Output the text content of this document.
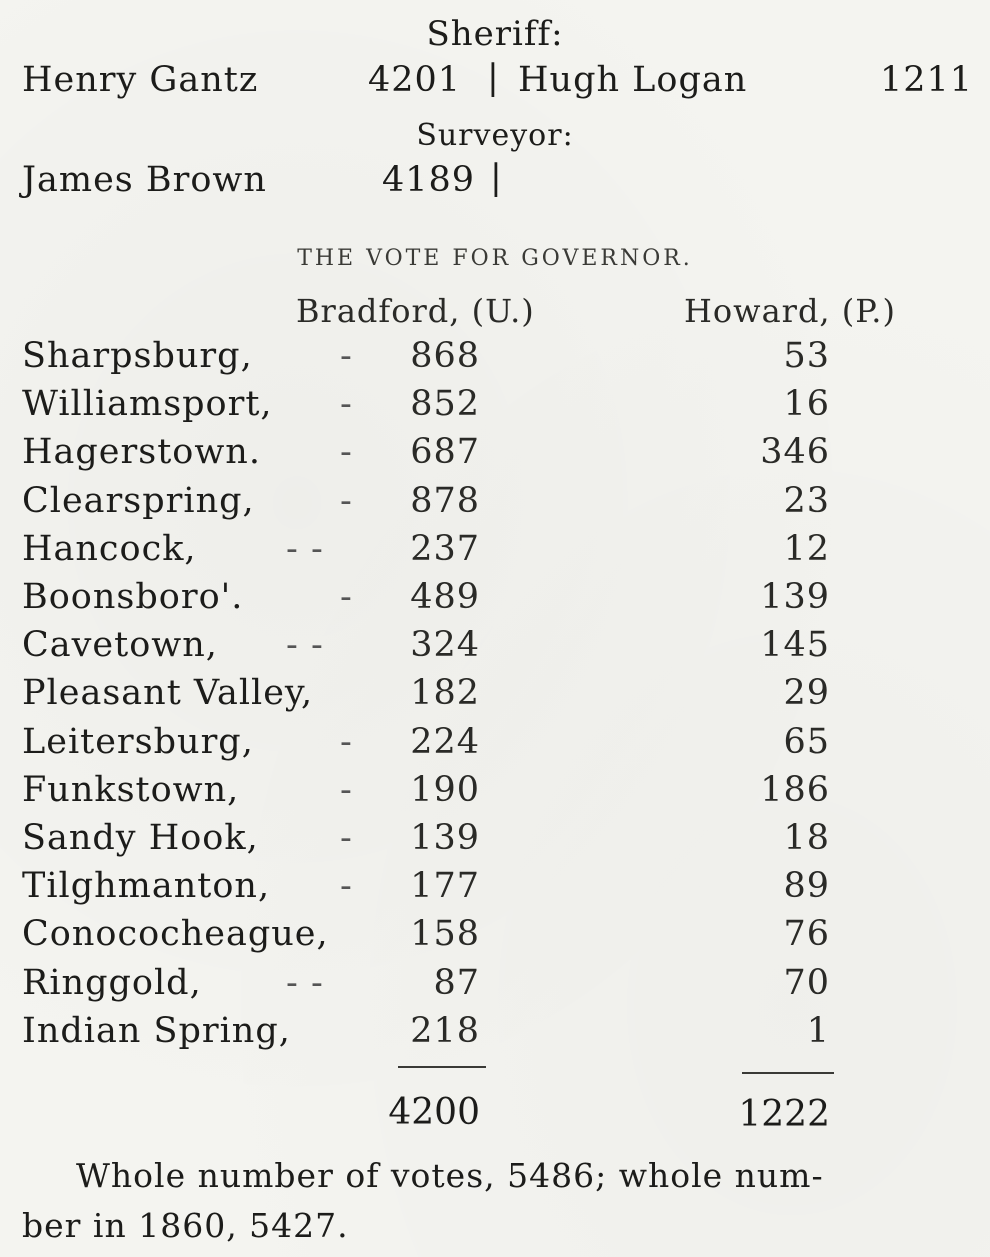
Sheriff:
Henry Gantz	4201 | Hugh Logan	1211
Surveyor:
James Brown	4189 |
THE VOTE FOR GOVERNOR.
Bradford, (U.)	Howard, (P.)
Sharpsburg, - 868	53
Williamsport, - 852	16
Hagerstown. - 687	346
Clearspring, - 878	23
Hancock,	- - 237	12
Boonsboro'.	- 489	139
Cavetown, - - 324	145
Pleasant Valley,	182	29
Leitersburg, - 224	65
Funkstown,	- 190	186
Sandy Hook, - 139	18
Tilghmanton, - 177	89
Conococheague, 158	76
Ringgold, - -	87	70
Indian Spring,	218	1
4200	1222
Whole number of votes, 5486; whole num-
ber in 1860, 5427.
